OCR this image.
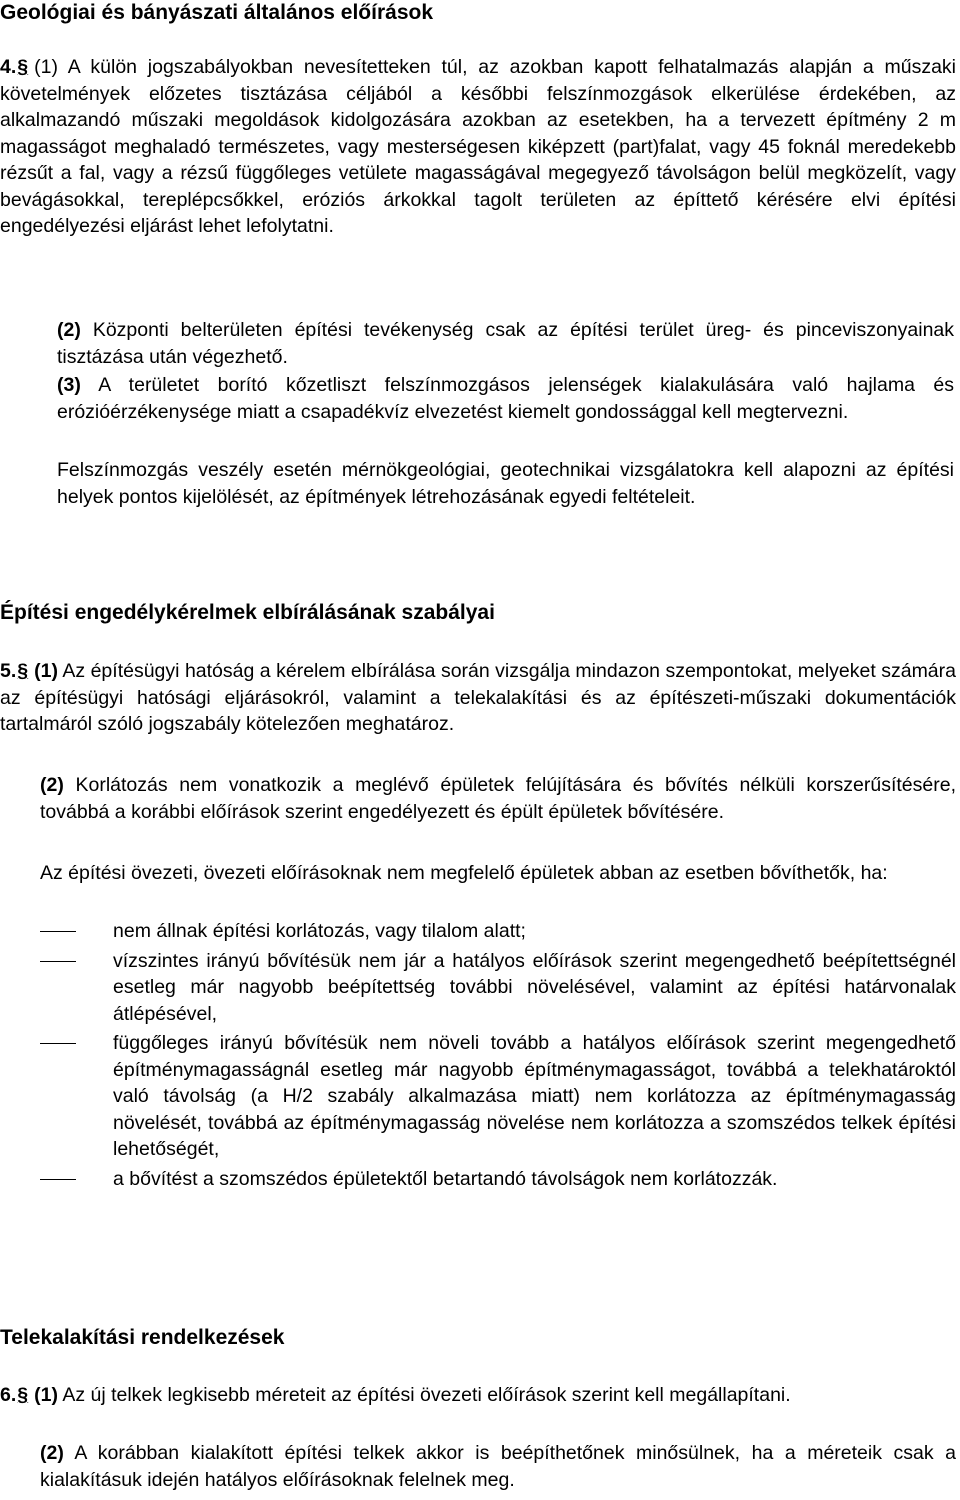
Geológiai és bányászati általános előírások
4.§ (1) A külön jogszabályokban nevesítetteken túl, az azokban kapott felhatalmazás alapján a műszaki követelmények előzetes tisztázása céljából a későbbi felszínmozgások elkerülése érdekében, az alkalmazandó műszaki megoldások kidolgozására azokban az esetekben, ha a tervezett építmény 2 m magasságot meghaladó természetes, vagy mesterségesen kiképzett (part)falat, vagy 45 foknál meredekebb rézsűt a fal, vagy a rézsű függőleges vetülete magasságával megegyező távolságon belül megközelít, vagy bevágásokkal, tereplépcsőkkel, eróziós árkokkal tagolt területen az építtető kérésére elvi építési engedélyezési eljárást lehet lefolytatni.
(2) Központi belterületen építési tevékenység csak az építési terület üreg- és pinceviszonyainak tisztázása után végezhető.
(3) A területet borító kőzetliszt felszínmozgásos jelenségek kialakulására való hajlama és erózióérzékenysége miatt a csapadékvíz elvezetést kiemelt gondossággal kell megtervezni.
Felszínmozgás veszély esetén mérnökgeológiai, geotechnikai vizsgálatokra kell alapozni az építési helyek pontos kijelölését, az építmények létrehozásának egyedi feltételeit.
Építési engedélykérelmek elbírálásának szabályai
5.§ (1) Az építésügyi hatóság a kérelem elbírálása során vizsgálja mindazon szempontokat, melyeket számára az építésügyi hatósági eljárásokról, valamint a telekalakítási és az építészeti-műszaki dokumentációk tartalmáról szóló jogszabály kötelezően meghatároz.
(2) Korlátozás nem vonatkozik a meglévő épületek felújítására és bővítés nélküli korszerűsítésére, továbbá a korábbi előírások szerint engedélyezett és épült épületek bővítésére.
Az építési övezeti, övezeti előírásoknak nem megfelelő épületek abban az esetben bővíthetők, ha:
nem állnak építési korlátozás, vagy tilalom alatt;
vízszintes irányú bővítésük nem jár a hatályos előírások szerint megengedhető beépítettségnél esetleg már nagyobb beépítettség további növelésével, valamint az építési határvonalak átlépésével,
függőleges irányú bővítésük nem növeli tovább a hatályos előírások szerint megengedhető építménymagasságnál esetleg már nagyobb építménymagasságot, továbbá a telekhatároktól való távolság (a H/2 szabály alkalmazása miatt) nem korlátozza az építménymagasság növelését, továbbá az építménymagasság növelése nem korlátozza a szomszédos telkek építési lehetőségét,
a bővítést a szomszédos épületektől betartandó távolságok nem korlátozzák.
Telekalakítási rendelkezések
6.§ (1) Az új telkek legkisebb méreteit az építési övezeti előírások szerint kell megállapítani.
(2) A korábban kialakított építési telkek akkor is beépíthetőnek minősülnek, ha a méreteik csak a kialakításuk idején hatályos előírásoknak felelnek meg.
